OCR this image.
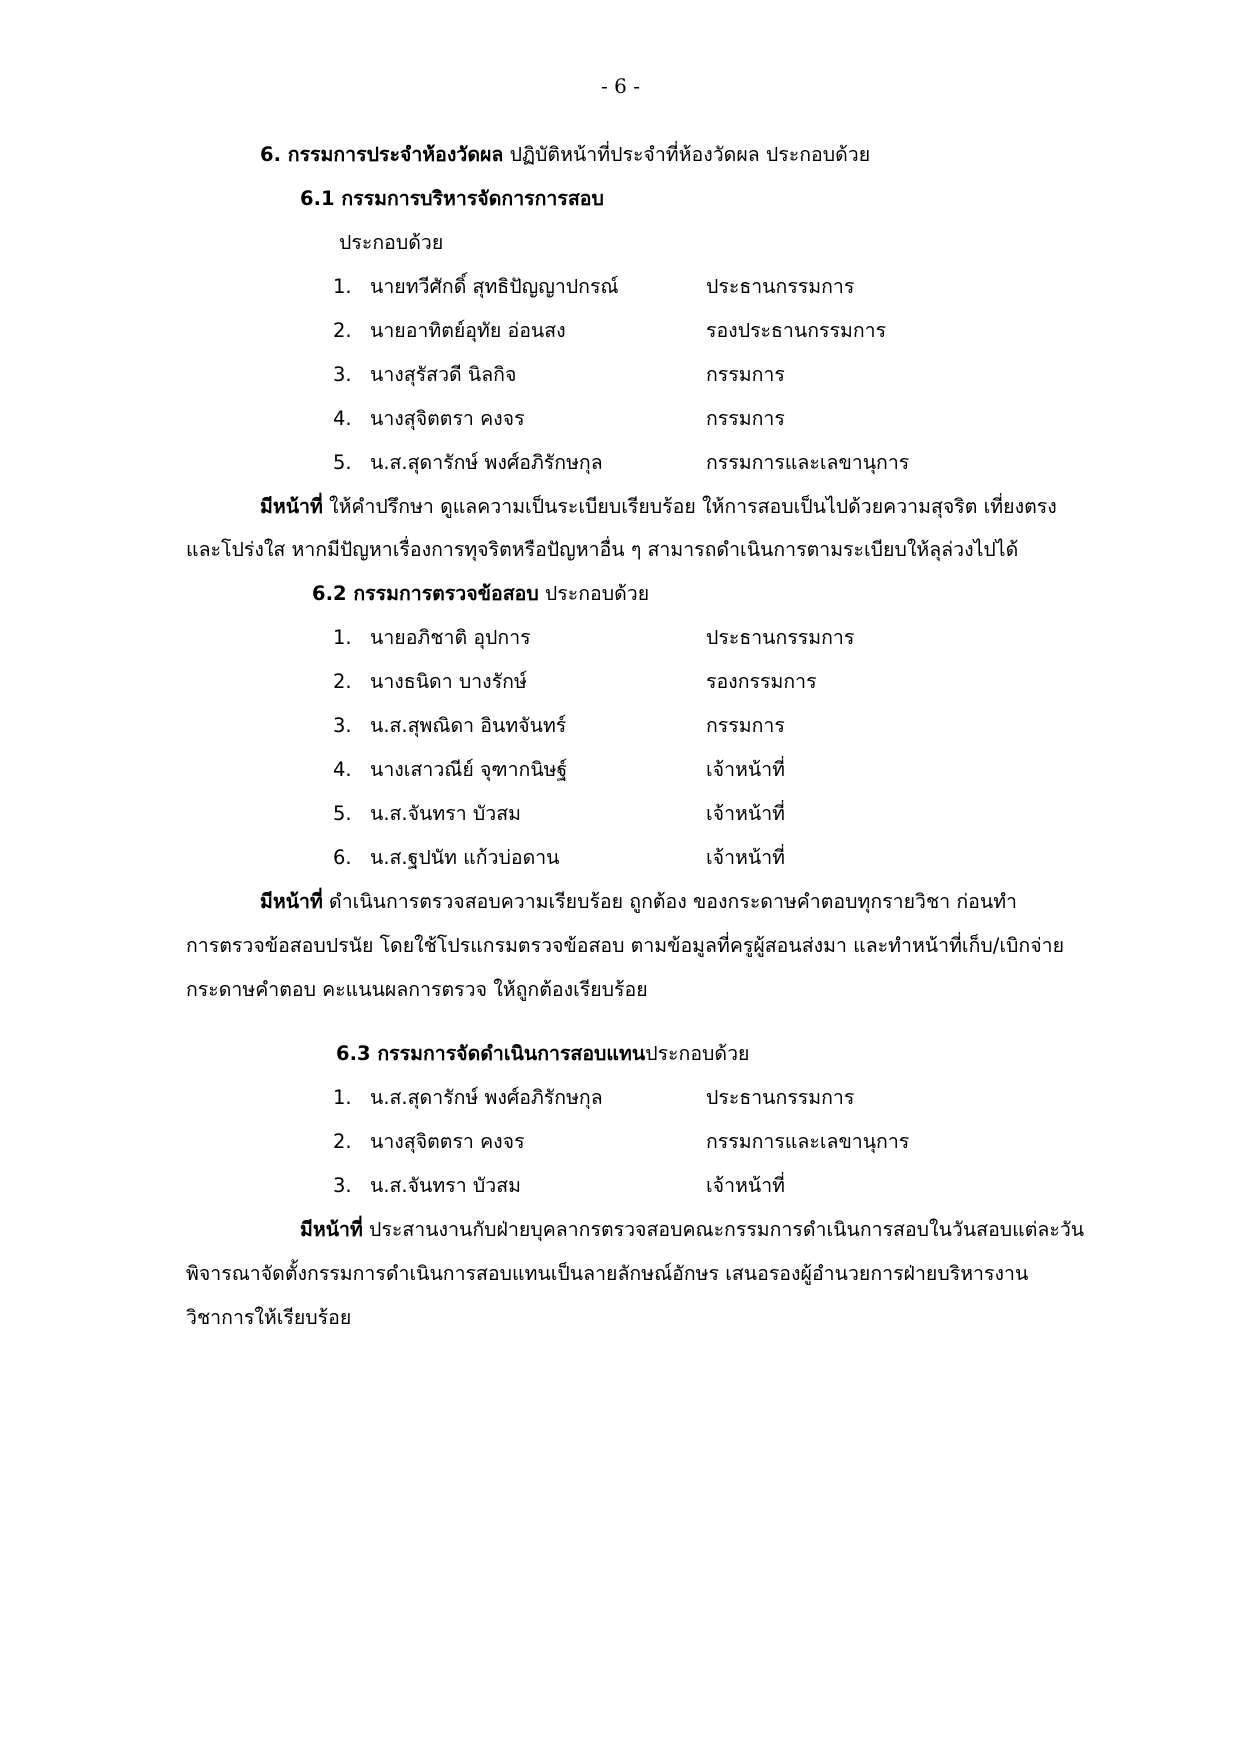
- 6 -
6. กรรมการประจำห้องวัดผล ปฏิบัติหน้าที่ประจำที่ห้องวัดผล ประกอบด้วย
6.1 กรรมการบริหารจัดการการสอบ
ประกอบด้วย
1. นายทวีศักดิ์ สุทธิปัญญาปกรณ์	ประธานกรรมการ
2. นายอาทิตย์อุทัย อ่อนสง	รองประธานกรรมการ
3. นางสุรัสวดี นิลกิจ	กรรมการ
4. นางสุจิตตรา คงจร	กรรมการ
5. น.ส.สุดารักษ์ พงศ์อภิรักษกุล	กรรมการและเลขานุการ
มีหน้าที่ ให้คำปรึกษา ดูแลความเป็นระเบียบเรียบร้อย ให้การสอบเป็นไปด้วยความสุจริต เที่ยงตรง
และโปร่งใส หากมีปัญหาเรื่องการทุจริตหรือปัญหาอื่น ๆ สามารถดำเนินการตามระเบียบให้ลุล่วงไปได้
6.2 กรรมการตรวจข้อสอบ ประกอบด้วย
1. นายอภิชาติ อุปการ	ประธานกรรมการ
2. นางธนิดา บางรักษ์	รองกรรมการ
3. น.ส.สุพณิดา อินทจันทร์	กรรมการ
4. นางเสาวณีย์ จุฑากนิษฐ์	เจ้าหน้าที่
5. น.ส.จันทรา บัวสม	เจ้าหน้าที่
6. น.ส.ฐปนัท แก้วบ่อดาน	เจ้าหน้าที่
มีหน้าที่ ดำเนินการตรวจสอบความเรียบร้อย ถูกต้อง ของกระดาษคำตอบทุกรายวิชา ก่อนทำ
การตรวจข้อสอบปรนัย โดยใช้โปรแกรมตรวจข้อสอบ ตามข้อมูลที่ครูผู้สอนส่งมา และทำหน้าที่เก็บ/เบิกจ่าย
กระดาษคำตอบ คะแนนผลการตรวจ ให้ถูกต้องเรียบร้อย
6.3 กรรมการจัดดำเนินการสอบแทนประกอบด้วย
1. น.ส.สุดารักษ์ พงศ์อภิรักษกุล	ประธานกรรมการ
2. นางสุจิตตรา คงจร	กรรมการและเลขานุการ
3. น.ส.จันทรา บัวสม	เจ้าหน้าที่
มีหน้าที่ ประสานงานกับฝ่ายบุคลากรตรวจสอบคณะกรรมการดำเนินการสอบในวันสอบแต่ละวัน
พิจารณาจัดตั้งกรรมการดำเนินการสอบแทนเป็นลายลักษณ์อักษร เสนอรองผู้อำนวยการฝ่ายบริหารงาน
วิชาการให้เรียบร้อย
